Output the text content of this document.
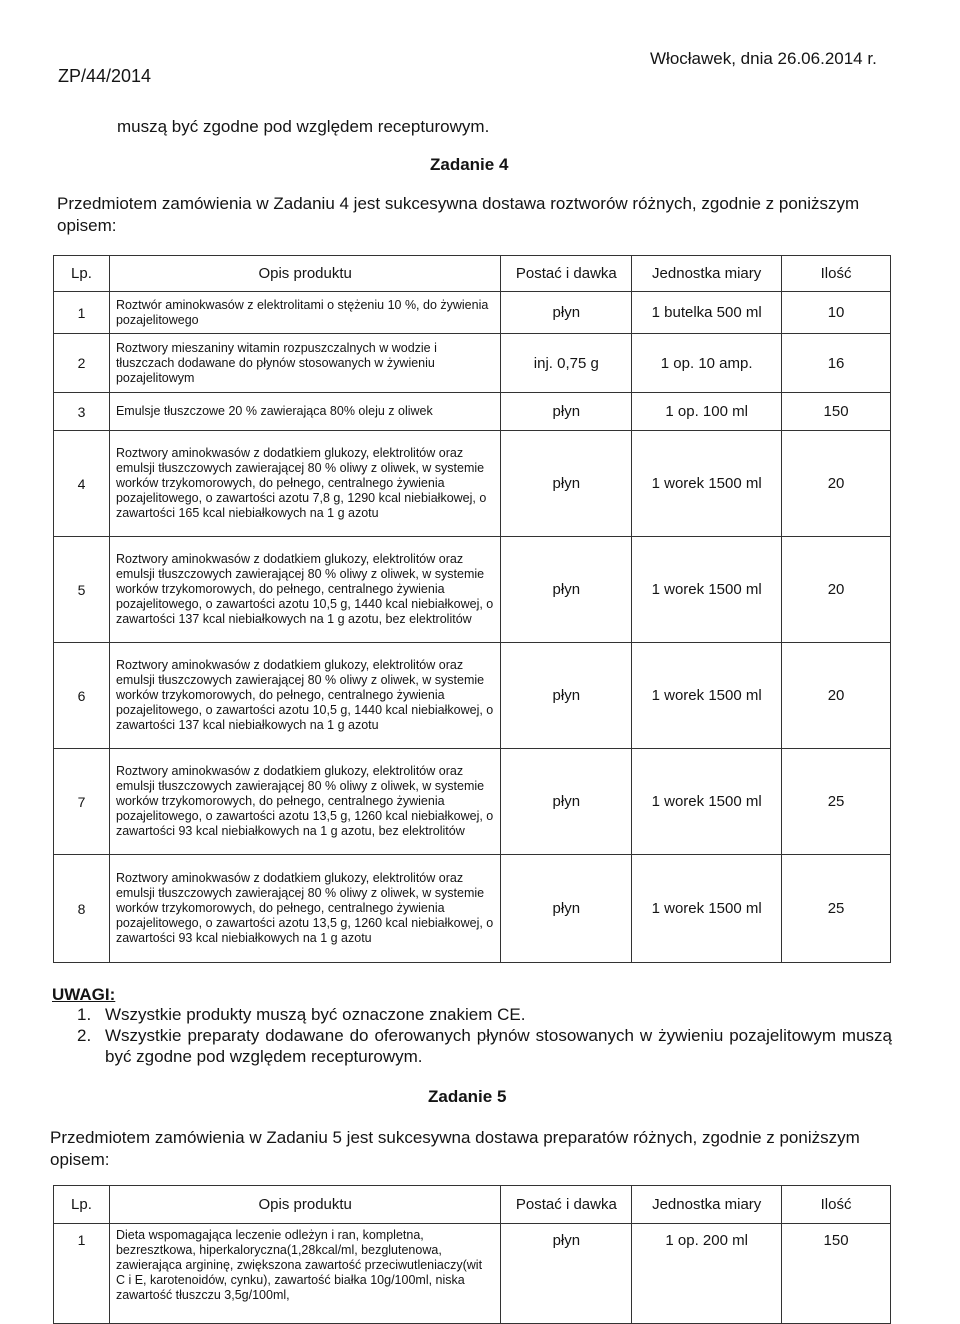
ZP/44/2014
Włocławek, dnia 26.06.2014 r.
muszą być zgodne pod względem recepturowym.
Zadanie 4
Przedmiotem zamówienia w Zadaniu 4 jest sukcesywna dostawa roztworów różnych, zgodnie z poniższym opisem:
Lp.	Opis produktu	Postać i dawka	Jednostka miary	Ilość
1	Roztwór aminokwasów z elektrolitami o stężeniu 10 %, do żywienia pozajelitowego	płyn	1 butelka 500 ml	10
2	Roztwory mieszaniny witamin rozpuszczalnych w wodzie i tłuszczach dodawane do płynów stosowanych w żywieniu pozajelitowym	inj. 0,75 g	1 op. 10 amp.	16
3	Emulsje tłuszczowe 20 % zawierająca 80% oleju z oliwek	płyn	1 op. 100 ml	150
4	Roztwory aminokwasów z dodatkiem glukozy, elektrolitów oraz emulsji tłuszczowych zawierającej 80 % oliwy z oliwek, w systemie worków trzykomorowych, do pełnego, centralnego żywienia pozajelitowego, o zawartości azotu 7,8 g, 1290 kcal niebiałkowej, o zawartości 165 kcal niebiałkowych na 1 g azotu	płyn	1 worek 1500 ml	20
5	Roztwory aminokwasów z dodatkiem glukozy, elektrolitów oraz emulsji tłuszczowych zawierającej 80 % oliwy z oliwek, w systemie worków trzykomorowych, do pełnego, centralnego żywienia pozajelitowego, o zawartości azotu 10,5 g, 1440 kcal niebiałkowej, o zawartości 137 kcal niebiałkowych na 1 g azotu, bez elektrolitów	płyn	1 worek 1500 ml	20
6	Roztwory aminokwasów z dodatkiem glukozy, elektrolitów oraz emulsji tłuszczowych zawierającej 80 % oliwy z oliwek, w systemie worków trzykomorowych, do pełnego, centralnego żywienia pozajelitowego, o zawartości azotu 10,5 g, 1440 kcal niebiałkowej, o zawartości 137 kcal niebiałkowych na 1 g azotu	płyn	1 worek 1500 ml	20
7	Roztwory aminokwasów z dodatkiem glukozy, elektrolitów oraz emulsji tłuszczowych zawierającej 80 % oliwy z oliwek, w systemie worków trzykomorowych, do pełnego, centralnego żywienia pozajelitowego, o zawartości azotu 13,5 g, 1260 kcal niebiałkowej, o zawartości 93 kcal niebiałkowych na 1 g azotu, bez elektrolitów	płyn	1 worek 1500 ml	25
8	Roztwory aminokwasów z dodatkiem glukozy, elektrolitów oraz emulsji tłuszczowych zawierającej 80 % oliwy z oliwek, w systemie worków trzykomorowych, do pełnego, centralnego żywienia pozajelitowego, o zawartości azotu 13,5 g, 1260 kcal niebiałkowej, o zawartości 93 kcal niebiałkowych na 1 g azotu	płyn	1 worek 1500 ml	25
UWAGI:
1. Wszystkie produkty muszą być oznaczone znakiem CE.
2. Wszystkie preparaty dodawane do oferowanych płynów stosowanych w żywieniu pozajelitowym muszą być zgodne pod względem recepturowym.
Zadanie 5
Przedmiotem zamówienia w Zadaniu 5 jest sukcesywna dostawa preparatów różnych, zgodnie z poniższym opisem:
Lp.	Opis produktu	Postać i dawka	Jednostka miary	Ilość
1	Dieta wspomagająca leczenie odleżyn i ran, kompletna, bezresztkowa, hiperkaloryczna(1,28kcal/ml, bezglutenowa, zawierająca argininę, zwiększona zawartość przeciwutleniaczy(wit C i E, karotenoidów, cynku), zawartość białka 10g/100ml, niska zawartość tłuszczu 3,5g/100ml,	płyn	1 op. 200 ml	150
